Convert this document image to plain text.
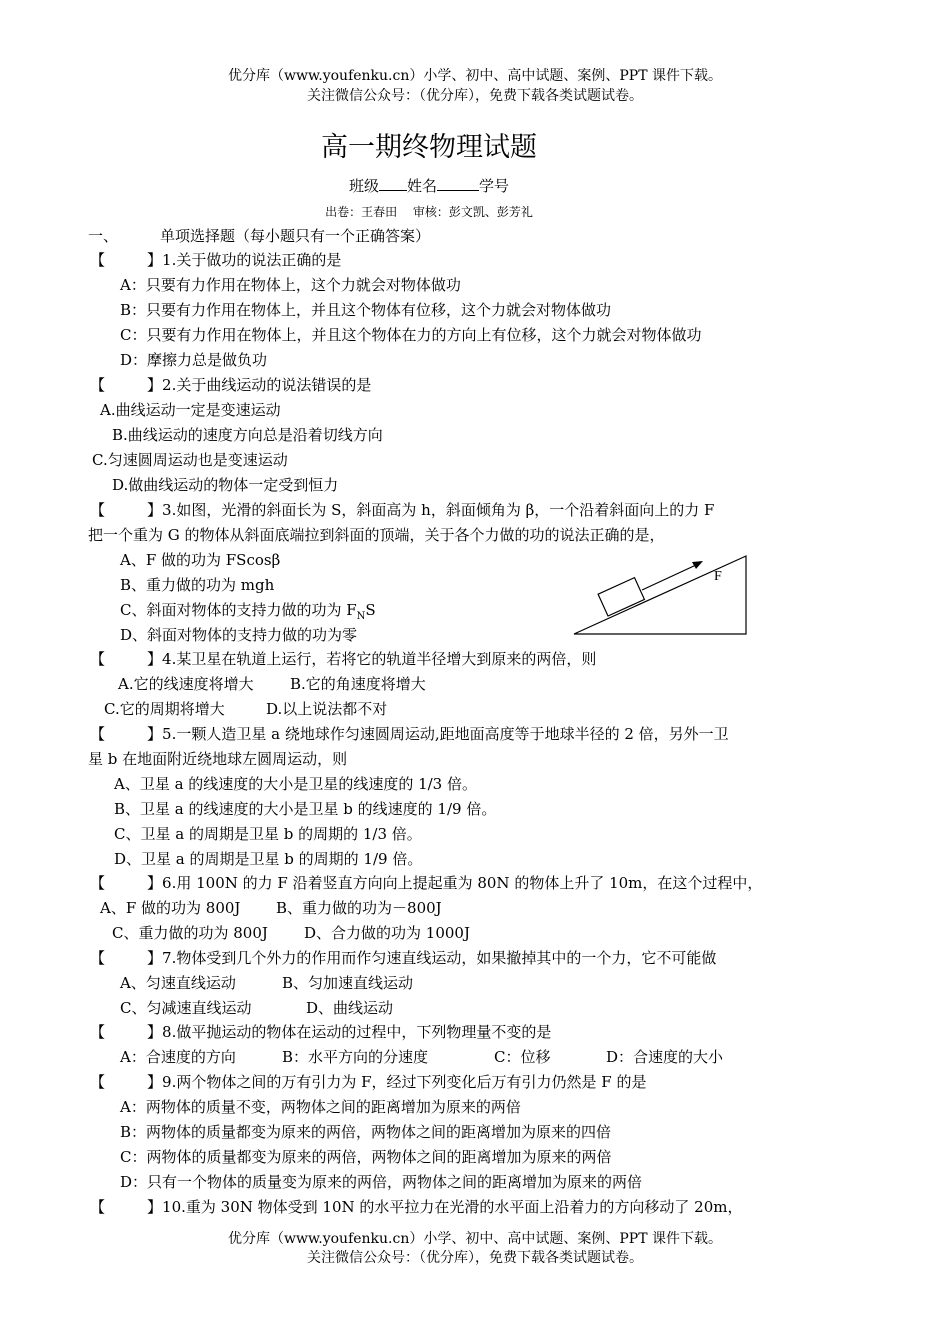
优分库（www.youfenku.cn）小学、初中、高中试题、案例、PPT 课件下载。
关注微信公众号：（优分库），免费下载各类试题试卷。
高一期终物理试题
班级 姓名	学号
出卷：王春田　 审核：彭文凯、彭芳礼
一、	单项选择题（每小题只有一个正确答案）
【	】1.关于做功的说法正确的是
A：只要有力作用在物体上，这个力就会对物体做功
B：只要有力作用在物体上，并且这个物体有位移，这个力就会对物体做功
C：只要有力作用在物体上，并且这个物体在力的方向上有位移，这个力就会对物体做功
D：摩擦力总是做负功
【	】2.关于曲线运动的说法错误的是
A.曲线运动一定是变速运动
B.曲线运动的速度方向总是沿着切线方向
C.匀速圆周运动也是变速运动
D.做曲线运动的物体一定受到恒力
【	】3.如图，光滑的斜面长为 S，斜面高为 h，斜面倾角为 β，一个沿着斜面向上的力 F
把一个重为 G 的物体从斜面底端拉到斜面的顶端，关于各个力做的功的说法正确的是，
A、F 做的功为 FScosβ
B、重力做的功为 mgh
C、斜面对物体的支持力做的功为 $F_NS$
D、斜面对物体的支持力做的功为零
F
【	】4.某卫星在轨道上运行，若将它的轨道半径增大到原来的两倍，则
A.它的线速度将增大 B.它的角速度将增大
C.它的周期将增大	D.以上说法都不对
【	】5.一颗人造卫星 a 绕地球作匀速圆周运动,距地面高度等于地球半径的 2 倍，另外一卫
星 b 在地面附近绕地球左圆周运动，则
A、卫星 a 的线速度的大小是卫星的线速度的 1/3 倍。
B、卫星 a 的线速度的大小是卫星 b 的线速度的 1/9 倍。
C、卫星 a 的周期是卫星 b 的周期的 1/3 倍。
D、卫星 a 的周期是卫星 b 的周期的 1/9 倍。
【	】6.用 100N 的力 F 沿着竖直方向向上提起重为 80N 的物体上升了 10m，在这个过程中，
A、F 做的功为 800J B、重力做的功为－800J
C、重力做的功为 800J D、合力做的功为 1000J
【	】7.物体受到几个外力的作用而作匀速直线运动，如果撤掉其中的一个力，它不可能做
A、匀速直线运动	B、匀加速直线运动
C、匀减速直线运动	D、曲线运动
【	】8.做平抛运动的物体在运动的过程中，下列物理量不变的是
A：合速度的方向	B：水平方向的分速度	C：位移	D：合速度的大小
【	】9.两个物体之间的万有引力为 F，经过下列变化后万有引力仍然是 F 的是
A：两物体的质量不变，两物体之间的距离增加为原来的两倍
B：两物体的质量都变为原来的两倍，两物体之间的距离增加为原来的四倍
C：两物体的质量都变为原来的两倍，两物体之间的距离增加为原来的两倍
D：只有一个物体的质量变为原来的两倍，两物体之间的距离增加为原来的两倍
【	】10.重为 30N 物体受到 10N 的水平拉力在光滑的水平面上沿着力的方向移动了 20m，
优分库（www.youfenku.cn）小学、初中、高中试题、案例、PPT 课件下载。
关注微信公众号：（优分库），免费下载各类试题试卷。
